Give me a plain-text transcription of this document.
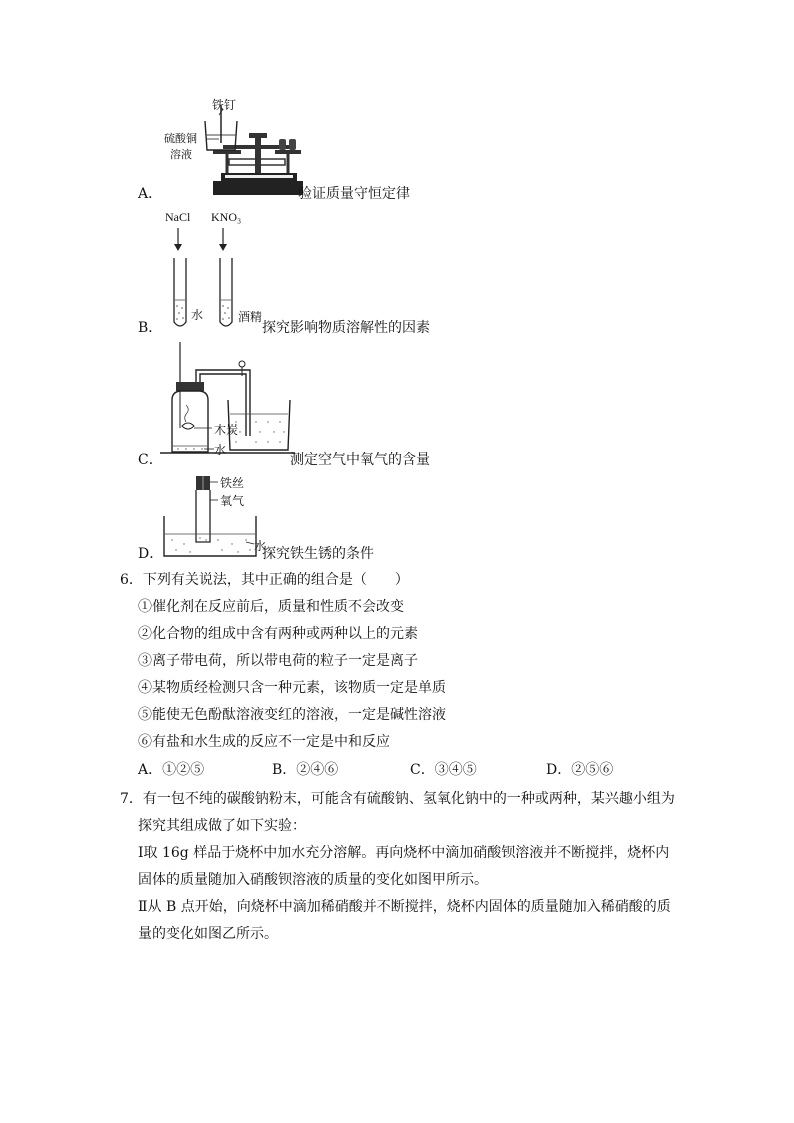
铁钉
硫酸铜
溶液
A．	验证质量守恒定律
NaCl KNO₃
水	酒精
B．	探究影响物质溶解性的因素
木炭
水
C．	测定空气中氧气的含量
铁丝
氧气
水
D．	探究铁生锈的条件
6．下列有关说法，其中正确的组合是（　　）
①催化剂在反应前后，质量和性质不会改变
②化合物的组成中含有两种或两种以上的元素
③离子带电荷，所以带电荷的粒子一定是离子
④某物质经检测只含一种元素，该物质一定是单质
⑤能使无色酚酞溶液变红的溶液，一定是碱性溶液
⑥有盐和水生成的反应不一定是中和反应
A．①②⑤	B．②④⑥	C．③④⑤	D．②⑤⑥
7．有一包不纯的碳酸钠粉末，可能含有硫酸钠、氢氧化钠中的一种或两种，某兴趣小组为
探究其组成做了如下实验：
Ⅰ取 16g 样品于烧杯中加水充分溶解。再向烧杯中滴加硝酸钡溶液并不断搅拌，烧杯内
固体的质量随加入硝酸钡溶液的质量的变化如图甲所示。
Ⅱ从 B 点开始，向烧杯中滴加稀硝酸并不断搅拌，烧杯内固体的质量随加入稀硝酸的质
量的变化如图乙所示。
